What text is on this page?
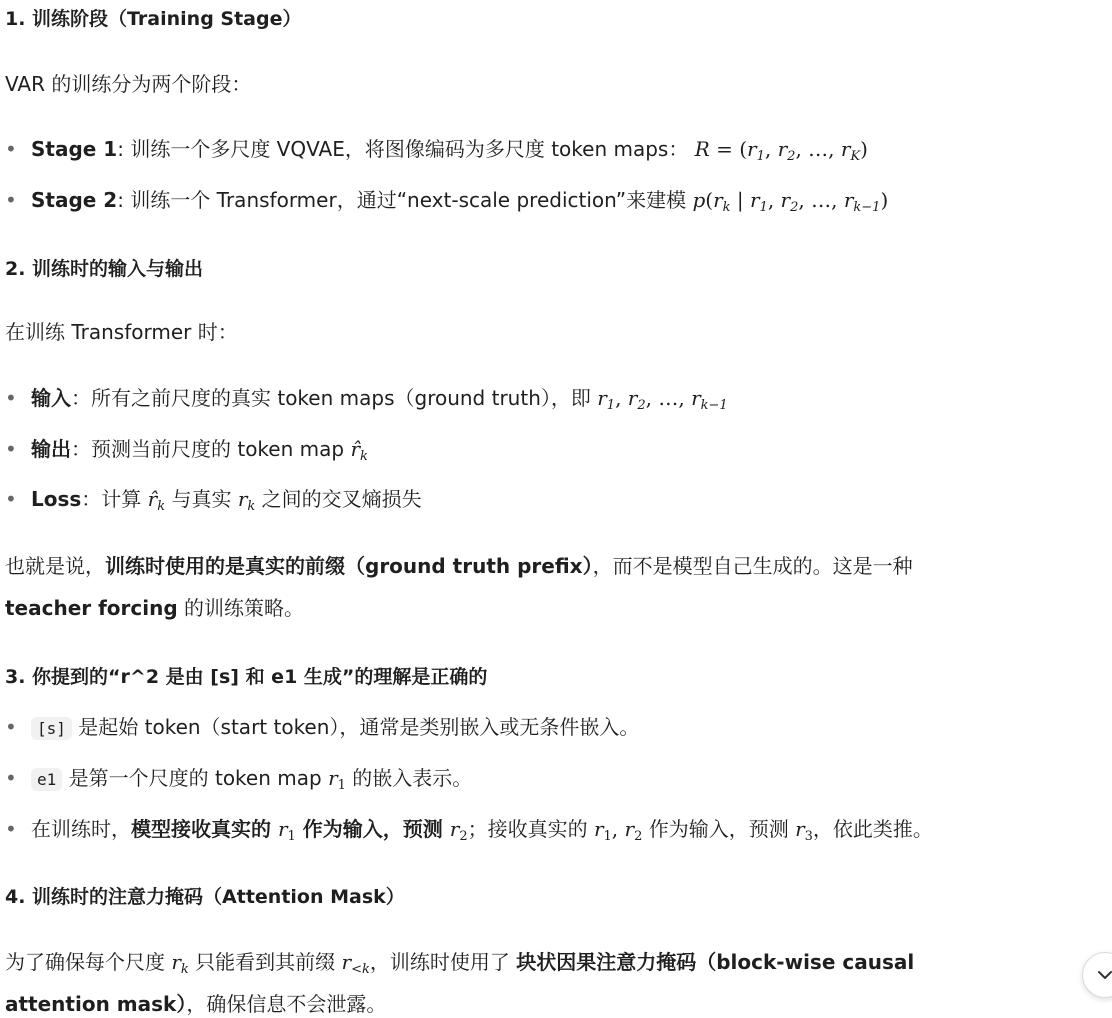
1. 训练阶段（Training Stage）
VAR 的训练分为两个阶段：
• Stage 1: 训练一个多尺度 VQVAE，将图像编码为多尺度 token maps： $R = (r_1$, $r_2$, …, $r_K$)
• Stage 2: 训练一个 Transformer，通过“next-scale prediction”来建模 $p(r_k$ | $r_1$, $r_2$, …, $r_{k-1}$)
2. 训练时的输入与输出
在训练 Transformer 时：
• 输入：所有之前尺度的真实 token maps（ground truth），即 $r_1$, $r_2$, …, $r_{k-1}$
• 输出：预测当前尺度的 token map $r̂_k$
• Loss：计算 $r̂_k$ 与真实 $r_k$ 之间的交叉熵损失
也就是说，训练时使用的是真实的前缀（ground truth prefix），而不是模型自己生成的。这是一种
teacher forcing 的训练策略。
3. 你提到的“r^2 是由 [s] 和 e1 生成”的理解是正确的
• [s] 是起始 token（start token），通常是类别嵌入或无条件嵌入。
• e1 是第一个尺度的 token map $r_1$ 的嵌入表示。
• 在训练时，模型接收真实的 $r_1$ 作为输入，预测 $r_2$；接收真实的 $r_1$, $r_2$ 作为输入，预测 $r_3$，依此类推。
4. 训练时的注意力掩码（Attention Mask）
为了确保每个尺度 $r_k$ 只能看到其前缀 $r_{<k}$，训练时使用了 块状因果注意力掩码（block-wise causal
attention mask），确保信息不会泄露。
